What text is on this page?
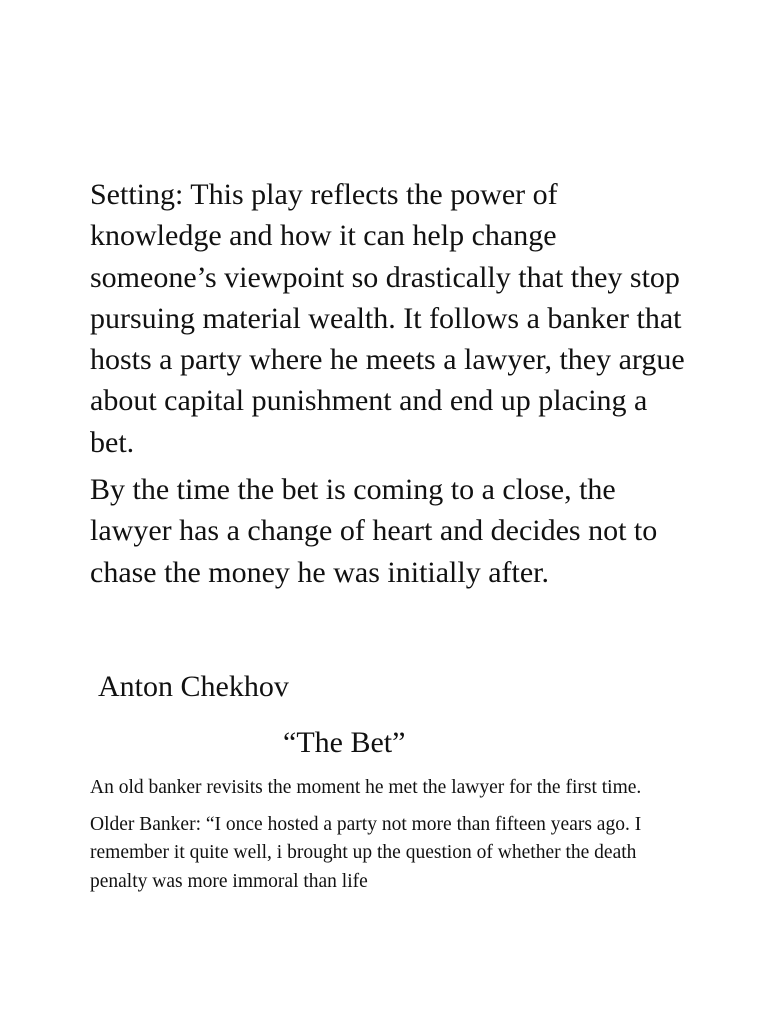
Setting: This play reflects the power of knowledge and how it can help change someone’s viewpoint so drastically that they stop pursuing material wealth. It follows a banker that hosts a party where he meets a lawyer, they argue about capital punishment and end up placing a bet.

By the time the bet is coming to a close, the lawyer has a change of heart and decides not to chase the money he was initially after.

Anton Chekhov
“The Bet”

An old banker revisits the moment he met the lawyer for the first time.

Older Banker: “I once hosted a party not more than fifteen years ago. I remember it quite well, i brought up the question of whether the death penalty was more immoral than life
